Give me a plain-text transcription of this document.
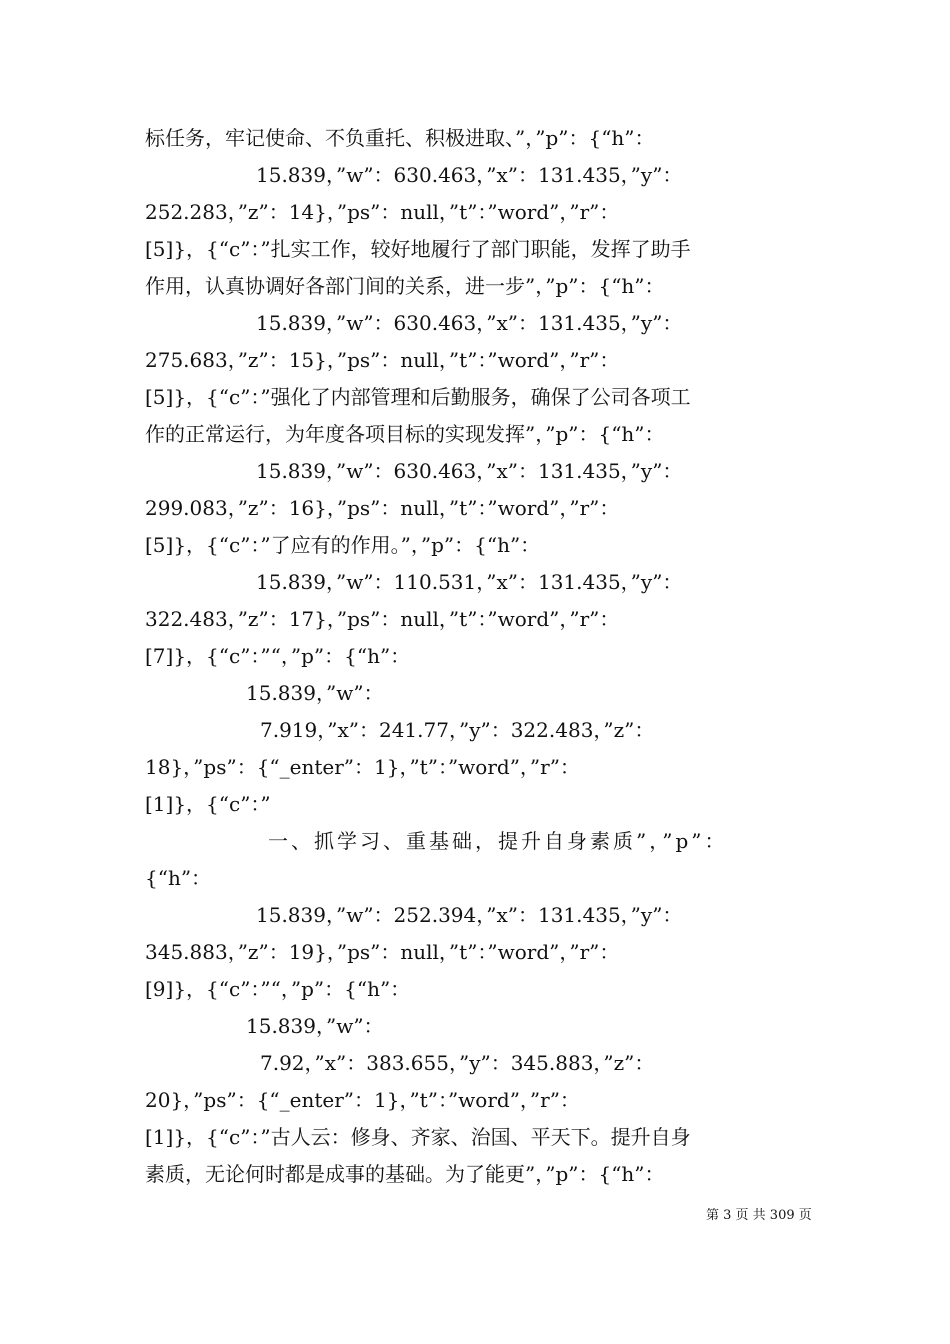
标任务，牢记使命、不负重托、积极进取、”，”p”：{“h”：
15.839，”w”：630.463，”x”：131.435，”y”：
252.283，”z”：14}，”ps”：null，”t”：”word”，”r”：
[5]}，{“c”：”扎实工作，较好地履行了部门职能，发挥了助手
作用，认真协调好各部门间的关系，进一步”，”p”：{“h”：
15.839，”w”：630.463，”x”：131.435，”y”：
275.683，”z”：15}，”ps”：null，”t”：”word”，”r”：
[5]}，{“c”：”强化了内部管理和后勤服务，确保了公司各项工
作的正常运行，为年度各项目标的实现发挥”，”p”：{“h”：
15.839，”w”：630.463，”x”：131.435，”y”：
299.083，”z”：16}，”ps”：null，”t”：”word”，”r”：
[5]}，{“c”：”了应有的作用。”，”p”：{“h”：
15.839，”w”：110.531，”x”：131.435，”y”：
322.483，”z”：17}，”ps”：null，”t”：”word”，”r”：
[7]}，{“c”：”“，”p”：{“h”：
15.839，”w”：
7.919，”x”：241.77，”y”：322.483，”z”：
18}，”ps”：{“_enter”：1}，”t”：”word”，”r”：
[1]}，{“c”：”
一、抓学习、重基础，提升自身素质”，”p”：
{“h”：
15.839，”w”：252.394，”x”：131.435，”y”：
345.883，”z”：19}，”ps”：null，”t”：”word”，”r”：
[9]}，{“c”：”“，”p”：{“h”：
15.839，”w”：
7.92，”x”：383.655，”y”：345.883，”z”：
20}，”ps”：{“_enter”：1}，”t”：”word”，”r”：
[1]}，{“c”：”古人云：修身、齐家、治国、平天下。提升自身
素质，无论何时都是成事的基础。为了能更”，”p”：{“h”：
第 3 页 共 309 页
